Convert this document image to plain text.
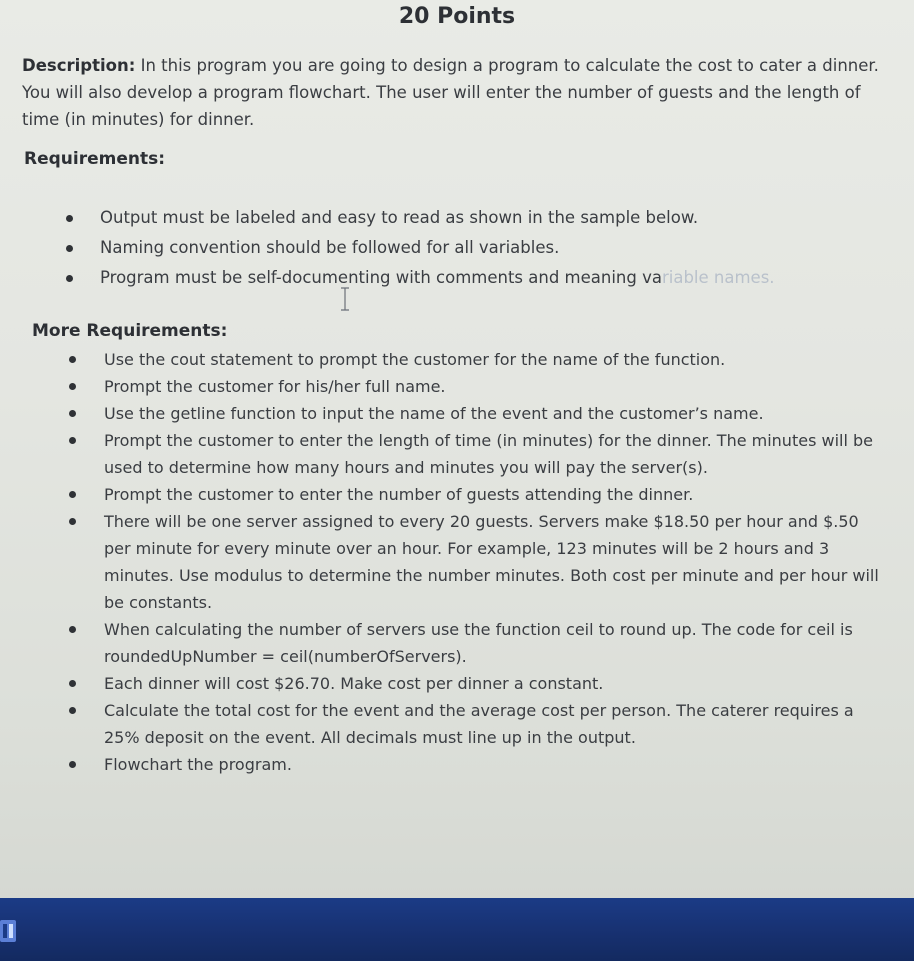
20 Points
Description: In this program you are going to design a program to calculate the cost to cater a dinner. You will also develop a program flowchart. The user will enter the number of guests and the length of time (in minutes) for dinner.
Requirements:
Output must be labeled and easy to read as shown in the sample below.
Naming convention should be followed for all variables.
Program must be self-documenting with comments and meaning variable names.
More Requirements:
Use the cout statement to prompt the customer for the name of the function.
Prompt the customer for his/her full name.
Use the getline function to input the name of the event and the customer’s name.
Prompt the customer to enter the length of time (in minutes) for the dinner. The minutes will be used to determine how many hours and minutes you will pay the server(s).
Prompt the customer to enter the number of guests attending the dinner.
There will be one server assigned to every 20 guests. Servers make $18.50 per hour and $.50 per minute for every minute over an hour. For example, 123 minutes will be 2 hours and 3 minutes. Use modulus to determine the number minutes. Both cost per minute and per hour will be constants.
When calculating the number of servers use the function ceil to round up. The code for ceil is roundedUpNumber = ceil(numberOfServers).
Each dinner will cost $26.70. Make cost per dinner a constant.
Calculate the total cost for the event and the average cost per person. The caterer requires a 25% deposit on the event. All decimals must line up in the output.
Flowchart the program.
